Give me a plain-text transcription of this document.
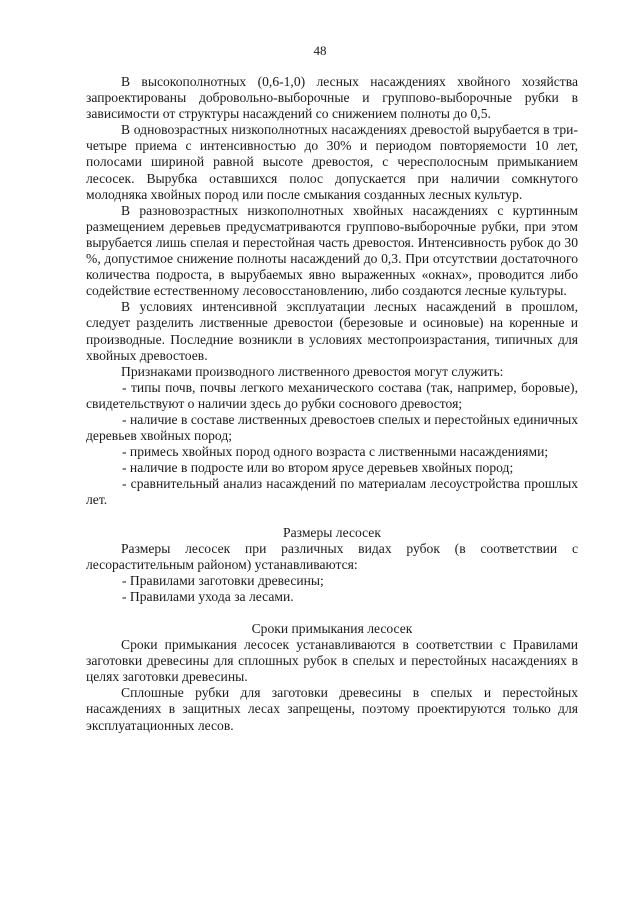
48

В высокополнотных (0,6-1,0) лесных насаждениях хвойного хозяйства запроектированы добровольно-выборочные и группово-выборочные рубки в зависимости от структуры насаждений со снижением полноты до 0,5.

В одновозрастных низкополнотных насаждениях древостой вырубается в три-четыре приема с интенсивностью до 30% и периодом повторяемости 10 лет, полосами шириной равной высоте древостоя, с чересполосным примыканием лесосек. Вырубка оставшихся полос допускается при наличии сомкнутого молодняка хвойных пород или после смыкания созданных лесных культур.

В разновозрастных низкополнотных хвойных насаждениях с куртинным размещением деревьев предусматриваются группово-выборочные рубки, при этом вырубается лишь спелая и перестойная часть древостоя. Интенсивность рубок до 30 %, допустимое снижение полноты насаждений до 0,3. При отсутствии достаточного количества подроста, в вырубаемых явно выраженных «окнах», проводится либо содействие естественному лесовосстановлению, либо создаются лесные культуры.

В условиях интенсивной эксплуатации лесных насаждений в прошлом, следует разделить лиственные древостои (березовые и осиновые) на коренные и производные. Последние возникли в условиях местопроизрастания, типичных для хвойных древостоев.

Признаками производного лиственного древостоя могут служить:

- типы почв, почвы легкого механического состава (так, например, боровые), свидетельствуют о наличии здесь до рубки соснового древостоя;

- наличие в составе лиственных древостоев спелых и перестойных единичных деревьев хвойных пород;

- примесь хвойных пород одного возраста с лиственными насаждениями;

- наличие в подросте или во втором ярусе деревьев хвойных пород;

- сравнительный анализ насаждений по материалам лесоустройства прошлых лет.

Размеры лесосек

Размеры лесосек при различных видах рубок (в соответствии с лесорастительным районом) устанавливаются:

- Правилами заготовки древесины;

- Правилами ухода за лесами.

Сроки примыкания лесосек

Сроки примыкания лесосек устанавливаются в соответствии с Правилами заготовки древесины для сплошных рубок в спелых и перестойных насаждениях в целях заготовки древесины.

Сплошные рубки для заготовки древесины в спелых и перестойных насаждениях в защитных лесах запрещены, поэтому проектируются только для эксплуатационных лесов.
